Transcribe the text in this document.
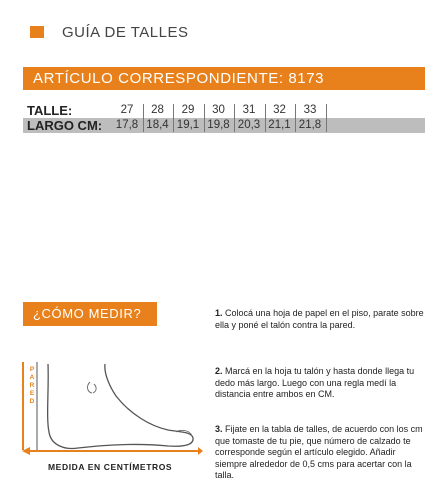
GUÍA DE TALLES
ARTÍCULO CORRESPONDIENTE: 8173
TALLE:	27	28	29	30	31	32	33
LARGO CM:	17,8 18,4 19,1 19,8 20,3 21,1 21,8
¿CÓMO MEDIR?	1. Colocá una hoja de papel en el piso, parate sobre ella y poné el talón contra la pared.

2. Marcá en la hoja tu talón y hasta donde llega tu dedo más largo. Luego con una regla medí la distancia entre ambos en CM.

3. Fijate en la tabla de talles, de acuerdo con los cm que tomaste de tu pie, que número de calzado te corresponde según el artículo elegido. Añadir siempre alrededor de 0,5 cms para acertar con la talla.

P
A
R
E
D
MEDIDA EN CENTÍMETROS
